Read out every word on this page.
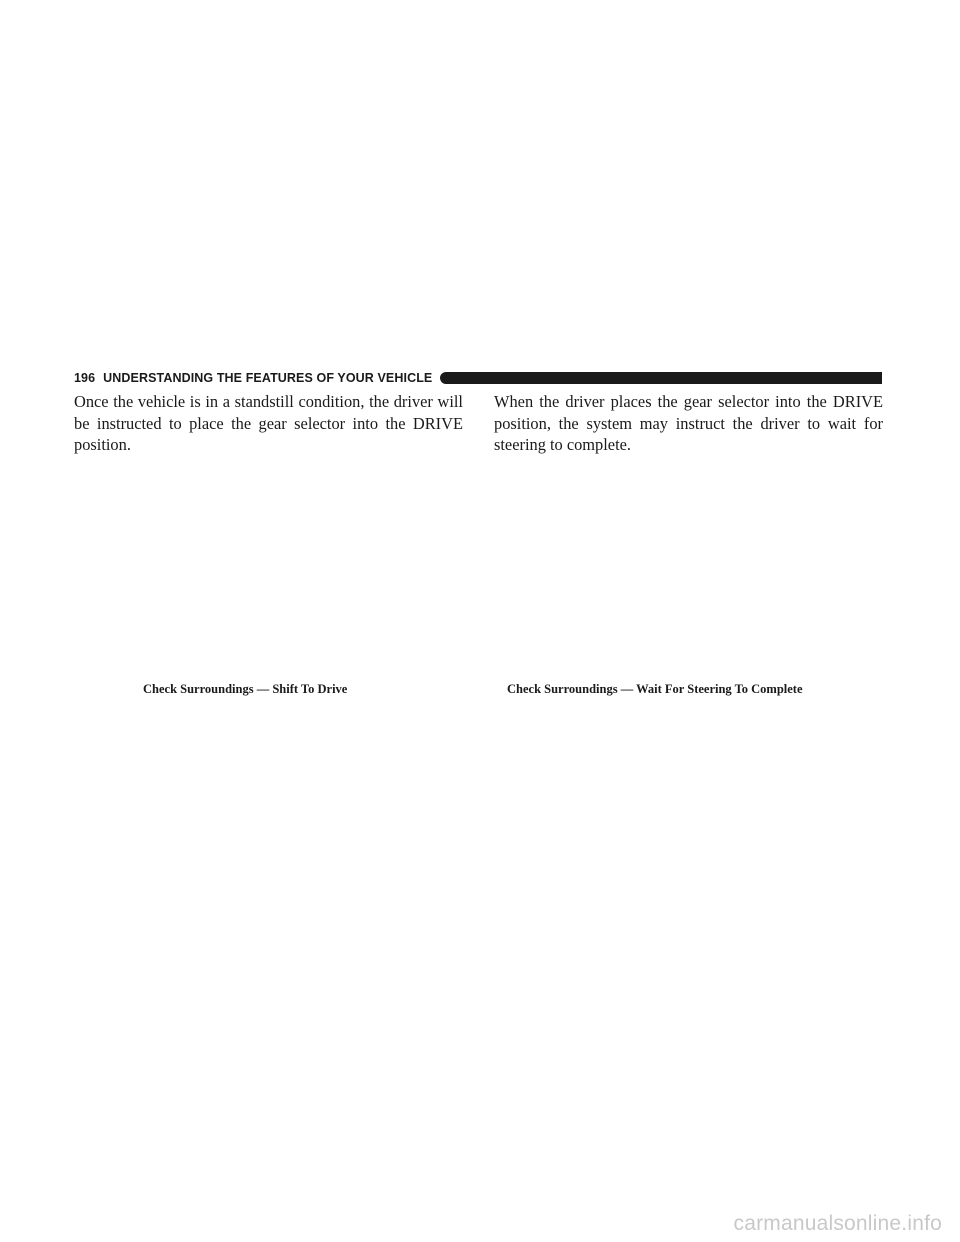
196 UNDERSTANDING THE FEATURES OF YOUR VEHICLE

Once the vehicle is in a standstill condition, the driver will be instructed to place the gear selector into the DRIVE position.

When the driver places the gear selector into the DRIVE position, the system may instruct the driver to wait for steering to complete.

Check Surroundings — Shift To Drive	Check Surroundings — Wait For Steering To Complete
carmanualsonline.info
